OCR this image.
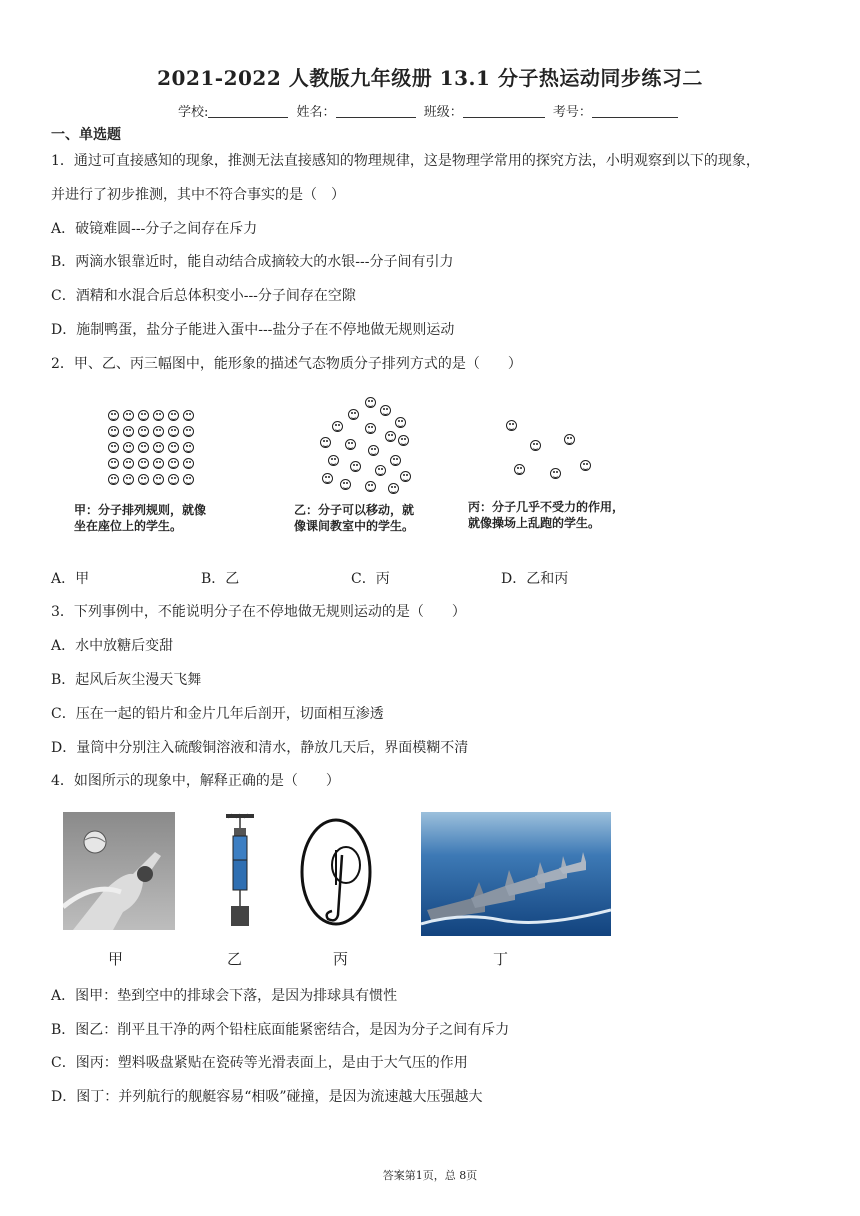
2021-2022 人教版九年级册 13.1 分子热运动同步练习二
学校:	姓名：	班级：	考号：
一、单选题
1．通过可直接感知的现象，推测无法直接感知的物理规律，这是物理学常用的探究方法，小明观察到以下的现象，
并进行了初步推测，其中不符合事实的是（　）
A．破镜难圆---分子之间存在斥力
B．两滴水银靠近时，能自动结合成摘较大的水银---分子间有引力
C．酒精和水混合后总体积变小---分子间存在空隙
D．施制鸭蛋，盐分子能进入蛋中---盐分子在不停地做无规则运动
2．甲、乙、丙三幅图中，能形象的描述气态物质分子排列方式的是（　　）
甲：分子排列规则，就像
坐在座位上的学生。
乙：分子可以移动，就
像课间教室中的学生。
丙：分子几乎不受力的作用，
就像操场上乱跑的学生。
A．甲	B．乙	C．丙	D．乙和丙
3．下列事例中，不能说明分子在不停地做无规则运动的是（　　）
A．水中放糖后变甜
B．起风后灰尘漫天飞舞
C．压在一起的铅片和金片几年后剖开，切面相互渗透
D．量筒中分别注入硫酸铜溶液和清水，静放几天后，界面模糊不清
4．如图所示的现象中，解释正确的是（　　）
甲	乙	丙	丁
A．图甲：垫到空中的排球会下落，是因为排球具有惯性
B．图乙：削平且干净的两个铅柱底面能紧密结合，是因为分子之间有斥力
C．图丙：塑料吸盘紧贴在瓷砖等光滑表面上，是由于大气压的作用
D．图丁：并列航行的舰艇容易“相吸”碰撞，是因为流速越大压强越大
答案第1页，总 8页
